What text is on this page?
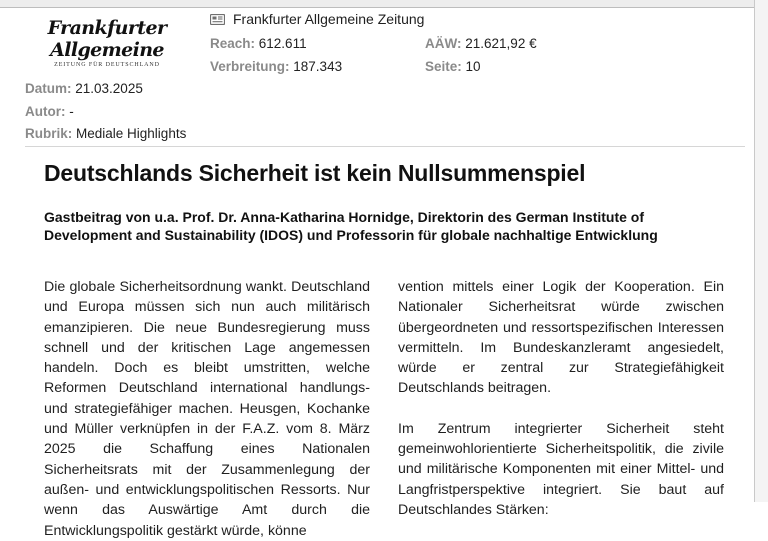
Frankfurter Allgemeine
ZEITUNG FÜR DEUTSCHLAND
Frankfurter Allgemeine Zeitung
Reach: 612.611	AÄW: 21.621,92 €
Verbreitung: 187.343	Seite: 10
Datum: 21.03.2025
Autor: -
Rubrik: Mediale Highlights
Deutschlands Sicherheit ist kein Nullsummenspiel

Gastbeitrag von u.a. Prof. Dr. Anna-Katharina Hornidge, Direktorin des German Institute of Development and Sustainability (IDOS) und Professorin für globale nachhaltige Entwicklung

Die globale Sicherheitsordnung wankt. Deutschland und Europa müssen sich nun auch militärisch emanzipieren. Die neue Bundesregierung muss schnell und der kritischen Lage angemessen handeln. Doch es bleibt umstritten, welche Reformen Deutschland international handlungs- und strategiefähiger machen. Heusgen, Kochanke und Müller verknüpfen in der F.A.Z. vom 8. März 2025 die Schaffung eines Nationalen Sicherheitsrats mit der Zusammenlegung der außen- und entwicklungspolitischen Ressorts. Nur wenn das Auswärtige Amt durch die Entwicklungspolitik gestärkt würde, könne

vention mittels einer Logik der Kooperation. Ein Nationaler Sicherheitsrat würde zwischen übergeordneten und ressortspezifischen Interessen vermitteln. Im Bundeskanzleramt angesiedelt, würde er zentral zur Strategiefähigkeit Deutschlands beitragen.

Im Zentrum integrierter Sicherheit steht gemeinwohlorientierte Sicherheitspolitik, die zivile und militärische Komponenten mit einer Mittel- und Langfristperspektive integriert. Sie baut auf Deutschlandes Stärken:
